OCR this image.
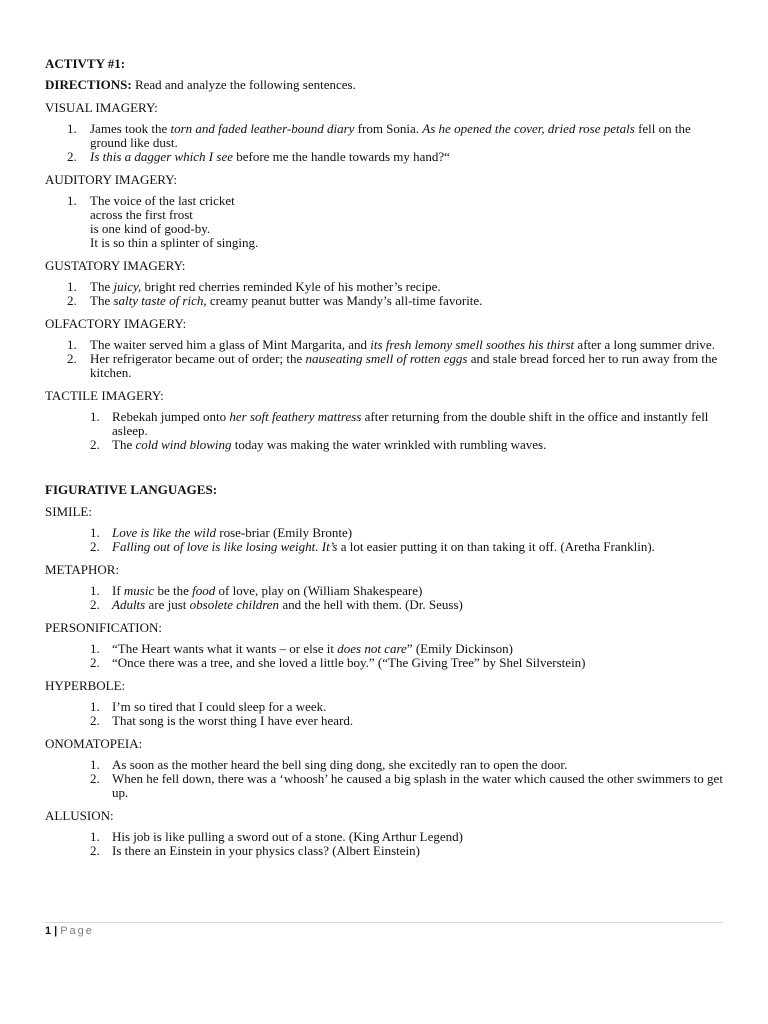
ACTIVTY #1:
DIRECTIONS: Read and analyze the following sentences.
VISUAL IMAGERY:
1. James took the torn and faded leather-bound diary from Sonia. As he opened the cover, dried rose petals fell on the ground like dust.
2. Is this a dagger which I see before me the handle towards my hand?“
AUDITORY IMAGERY:
1. The voice of the last cricket
across the first frost
is one kind of good-by.
It is so thin a splinter of singing.
GUSTATORY IMAGERY:
1. The juicy, bright red cherries reminded Kyle of his mother’s recipe.
2. The salty taste of rich, creamy peanut butter was Mandy’s all-time favorite.
OLFACTORY IMAGERY:
1. The waiter served him a glass of Mint Margarita, and its fresh lemony smell soothes his thirst after a long summer drive.
2. Her refrigerator became out of order; the nauseating smell of rotten eggs and stale bread forced her to run away from the kitchen.
TACTILE IMAGERY:
1. Rebekah jumped onto her soft feathery mattress after returning from the double shift in the office and instantly fell asleep.
2. The cold wind blowing today was making the water wrinkled with rumbling waves.
FIGURATIVE LANGUAGES:
SIMILE:
1. Love is like the wild rose-briar (Emily Bronte)
2. Falling out of love is like losing weight. It’s a lot easier putting it on than taking it off. (Aretha Franklin).
METAPHOR:
1. If music be the food of love, play on (William Shakespeare)
2. Adults are just obsolete children and the hell with them. (Dr. Seuss)
PERSONIFICATION:
1. “The Heart wants what it wants – or else it does not care” (Emily Dickinson)
2. “Once there was a tree, and she loved a little boy.” (“The Giving Tree” by Shel Silverstein)
HYPERBOLE:
1. I’m so tired that I could sleep for a week.
2. That song is the worst thing I have ever heard.
ONOMATOPEIA:
1. As soon as the mother heard the bell sing ding dong, she excitedly ran to open the door.
2. When he fell down, there was a ‘whoosh’ he caused a big splash in the water which caused the other swimmers to get up.
ALLUSION:
1. His job is like pulling a sword out of a stone. (King Arthur Legend)
2. Is there an Einstein in your physics class? (Albert Einstein)
1 | Page
